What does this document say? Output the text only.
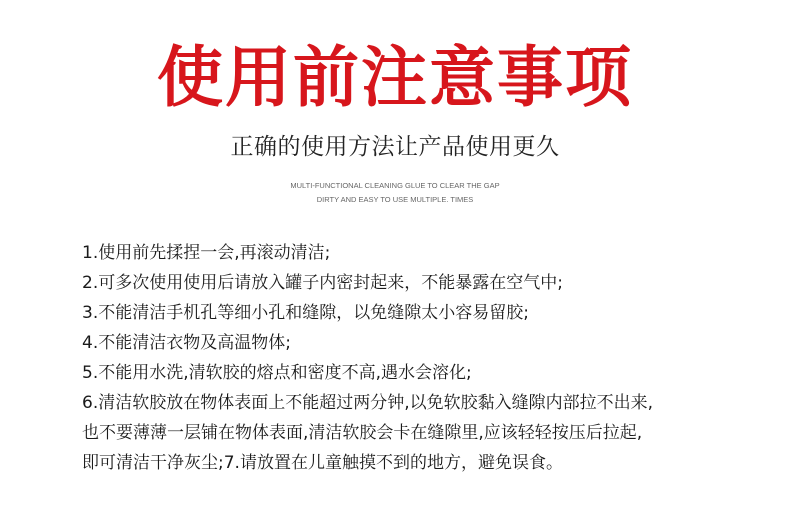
使用前注意事项
正确的使用方法让产品使用更久
MULTI-FUNCTIONAL CLEANING GLUE TO CLEAR THE GAP
DIRTY AND EASY TO USE MULTIPLE. TIMES
1.使用前先揉捏一会,再滚动清洁;
2.可多次使用使用后请放入罐子内密封起来，不能暴露在空气中;
3.不能清洁手机孔等细小孔和缝隙，以免缝隙太小容易留胶;
4.不能清洁衣物及高温物体;
5.不能用水洗,清软胶的熔点和密度不高,遇水会溶化;
6.清洁软胶放在物体表面上不能超过两分钟,以免软胶黏入缝隙内部拉不出来,
也不要薄薄一层铺在物体表面,清洁软胶会卡在缝隙里,应该轻轻按压后拉起,
即可清洁干净灰尘;7.请放置在儿童触摸不到的地方，避免误食。
